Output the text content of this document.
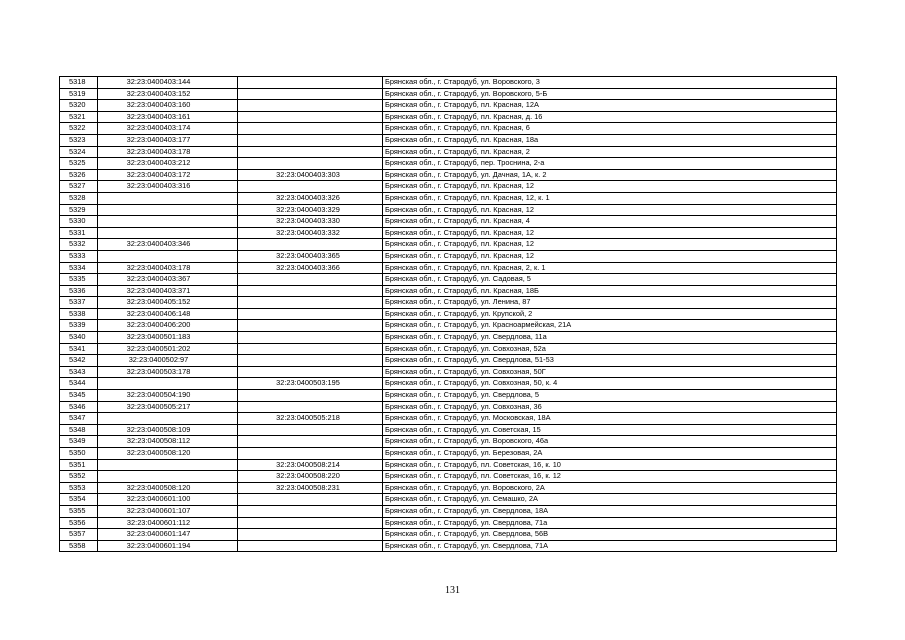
5318	32:23:0400403:144		Брянская обл., г. Стародуб, ул. Воровского, 3
5319	32:23:0400403:152		Брянская обл., г. Стародуб, ул. Воровского, 5-Б
5320	32:23:0400403:160		Брянская обл., г. Стародуб, пл. Красная, 12А
5321	32:23:0400403:161		Брянская обл., г. Стародуб, пл. Красная, д. 16
5322	32:23:0400403:174		Брянская обл., г. Стародуб, пл. Красная, 6
5323	32:23:0400403:177		Брянская обл., г. Стародуб, пл. Красная, 18а
5324	32:23:0400403:178		Брянская обл., г. Стародуб, пл. Красная, 2
5325	32:23:0400403:212		Брянская обл., г. Стародуб, пер. Троснина, 2-а
5326	32:23:0400403:172	32:23:0400403:303	Брянская обл., г. Стародуб, ул. Дачная, 1А, к. 2
5327	32:23:0400403:316		Брянская обл., г. Стародуб, пл. Красная, 12
5328		32:23:0400403:326	Брянская обл., г. Стародуб, пл. Красная, 12, к. 1
5329		32:23:0400403:329	Брянская обл., г. Стародуб, пл. Красная, 12
5330		32:23:0400403:330	Брянская обл., г. Стародуб, пл. Красная, 4
5331		32:23:0400403:332	Брянская обл., г. Стародуб, пл. Красная, 12
5332	32:23:0400403:346		Брянская обл., г. Стародуб, пл. Красная, 12
5333		32:23:0400403:365	Брянская обл., г. Стародуб, пл. Красная, 12
5334	32:23:0400403:178	32:23:0400403:366	Брянская обл., г. Стародуб, пл. Красная, 2, к. 1
5335	32:23:0400403:367		Брянская обл., г. Стародуб, ул. Садовая, 5
5336	32:23:0400403:371		Брянская обл., г. Стародуб, пл. Красная, 18Б
5337	32:23:0400405:152		Брянская обл., г. Стародуб, ул. Ленина, 87
5338	32:23:0400406:148		Брянская обл., г. Стародуб, ул. Крупской, 2
5339	32:23:0400406:200		Брянская обл., г. Стародуб, ул. Красноармейская, 21А
5340	32:23:0400501:183		Брянская обл., г. Стародуб, ул. Свердлова, 11а
5341	32:23:0400501:202		Брянская обл., г. Стародуб, ул. Совхозная, 52а
5342	32:23:0400502:97		Брянская обл., г. Стародуб, ул. Свердлова, 51-53
5343	32:23:0400503:178		Брянская обл., г. Стародуб, ул. Совхозная, 50Г
5344		32:23:0400503:195	Брянская обл., г. Стародуб, ул. Совхозная, 50, к. 4
5345	32:23:0400504:190		Брянская обл., г. Стародуб, ул. Свердлова, 5
5346	32:23:0400505:217		Брянская обл., г. Стародуб, ул. Совхозная, 36
5347		32:23:0400505:218	Брянская обл., г. Стародуб, ул. Московская, 18А
5348	32:23:0400508:109		Брянская обл., г. Стародуб, ул. Советская, 15
5349	32:23:0400508:112		Брянская обл., г. Стародуб, ул. Воровского, 46а
5350	32:23:0400508:120		Брянская обл., г. Стародуб, ул. Березовая, 2А
5351		32:23:0400508:214	Брянская обл., г. Стародуб, пл. Советская, 16, к. 10
5352		32:23:0400508:220	Брянская обл., г. Стародуб, пл. Советская, 16, к. 12
5353	32:23:0400508:120	32:23:0400508:231	Брянская обл., г. Стародуб, ул. Воровского, 2А
5354	32:23:0400601:100		Брянская обл., г. Стародуб, ул. Семашко, 2А
5355	32:23:0400601:107		Брянская обл., г. Стародуб, ул. Свердлова, 18А
5356	32:23:0400601:112		Брянская обл., г. Стародуб, ул. Свердлова, 71а
5357	32:23:0400601:147		Брянская обл., г. Стародуб, ул. Свердлова, 56В
5358	32:23:0400601:194		Брянская обл., г. Стародуб, ул. Свердлова, 71А
131
